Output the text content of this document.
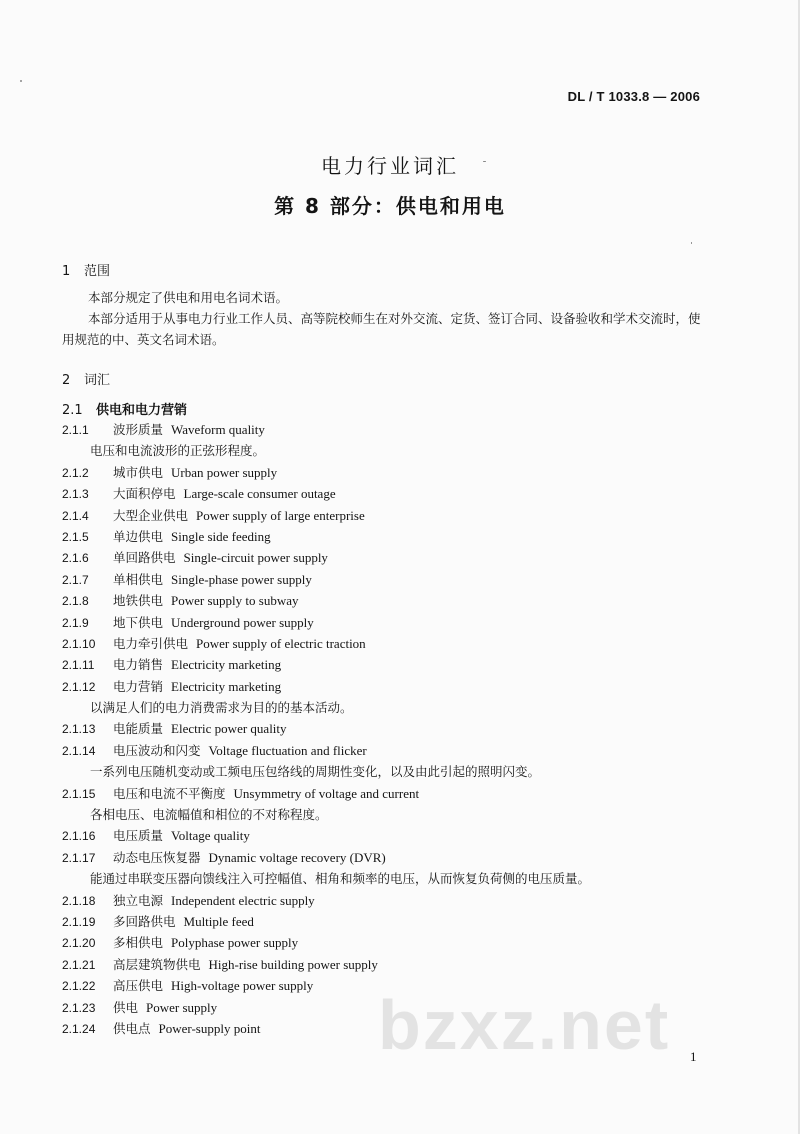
DL / T 1033.8 — 2006
电力行业词汇
第 8 部分：供电和用电
1 范围

本部分规定了供电和用电名词术语。

本部分适用于从事电力行业工作人员、高等院校师生在对外交流、定货、签订合同、设备验收和学术交流时，使用规范的中、英文名词术语。

2 词汇
2.1 供电和电力营销
2.1.1 波形质量 Waveform quality
电压和电流波形的正弦形程度。
2.1.2 城市供电 Urban power supply
2.1.3 大面积停电 Large-scale consumer outage
2.1.4 大型企业供电 Power supply of large enterprise
2.1.5 单边供电 Single side feeding
2.1.6 单回路供电 Single-circuit power supply
2.1.7 单相供电 Single-phase power supply
2.1.8 地铁供电 Power supply to subway
2.1.9 地下供电 Underground power supply
2.1.10 电力牵引供电 Power supply of electric traction
2.1.11 电力销售 Electricity marketing
2.1.12 电力营销 Electricity marketing
以满足人们的电力消费需求为目的的基本活动。
2.1.13 电能质量 Electric power quality
2.1.14 电压波动和闪变 Voltage fluctuation and flicker
一系列电压随机变动或工频电压包络线的周期性变化，以及由此引起的照明闪变。
2.1.15 电压和电流不平衡度 Unsymmetry of voltage and current
各相电压、电流幅值和相位的不对称程度。
2.1.16 电压质量 Voltage quality
2.1.17 动态电压恢复器 Dynamic voltage recovery (DVR)
能通过串联变压器向馈线注入可控幅值、相角和频率的电压，从而恢复负荷侧的电压质量。
2.1.18 独立电源 Independent electric supply
2.1.19 多回路供电 Multiple feed
2.1.20 多相供电 Polyphase power supply
2.1.21 高层建筑物供电 High-rise building power supply
2.1.22 高压供电 High-voltage power supply
2.1.23 供电 Power supply
2.1.24 供电点 Power-supply point
1
bzxz.net
